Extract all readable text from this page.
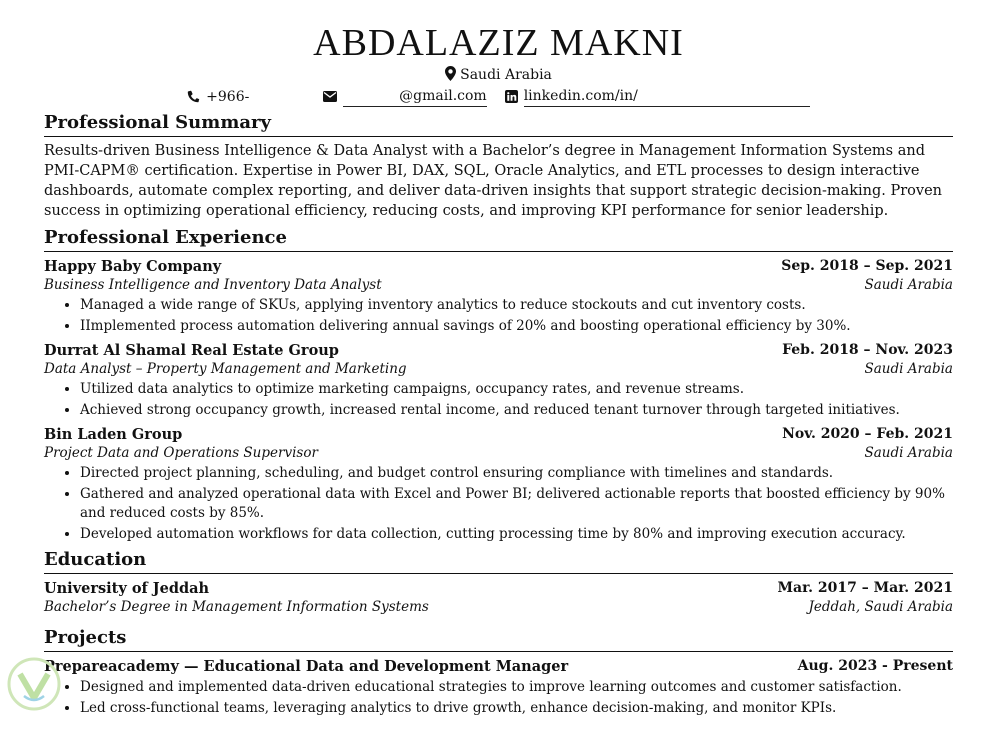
ABDALAZIZ MAKNI
Saudi Arabia
+966-	@gmail.com	linkedin.com/in/
Professional Summary
Results-driven Business Intelligence & Data Analyst with a Bachelor’s degree in Management Information Systems and PMI-CAPM® certification. Expertise in Power BI, DAX, SQL, Oracle Analytics, and ETL processes to design interactive dashboards, automate complex reporting, and deliver data-driven insights that support strategic decision-making. Proven success in optimizing operational efficiency, reducing costs, and improving KPI performance for senior leadership.
Professional Experience
Happy Baby Company	Sep. 2018 – Sep. 2021
Business Intelligence and Inventory Data Analyst	Saudi Arabia
• Managed a wide range of SKUs, applying inventory analytics to reduce stockouts and cut inventory costs.
• IImplemented process automation delivering annual savings of 20% and boosting operational efficiency by 30%.
Durrat Al Shamal Real Estate Group	Feb. 2018 – Nov. 2023
Data Analyst – Property Management and Marketing	Saudi Arabia
• Utilized data analytics to optimize marketing campaigns, occupancy rates, and revenue streams.
• Achieved strong occupancy growth, increased rental income, and reduced tenant turnover through targeted initiatives.
Bin Laden Group	Nov. 2020 – Feb. 2021
Project Data and Operations Supervisor	Saudi Arabia
• Directed project planning, scheduling, and budget control ensuring compliance with timelines and standards.
• Gathered and analyzed operational data with Excel and Power BI; delivered actionable reports that boosted efficiency by 90% and reduced costs by 85%.
• Developed automation workflows for data collection, cutting processing time by 80% and improving execution accuracy.
Education
University of Jeddah	Mar. 2017 – Mar. 2021
Bachelor’s Degree in Management Information Systems	Jeddah, Saudi Arabia
Projects
Prepareacademy — Educational Data and Development Manager	Aug. 2023 - Present
• Designed and implemented data-driven educational strategies to improve learning outcomes and customer satisfaction.
• Led cross-functional teams, leveraging analytics to drive growth, enhance decision-making, and monitor KPIs.
